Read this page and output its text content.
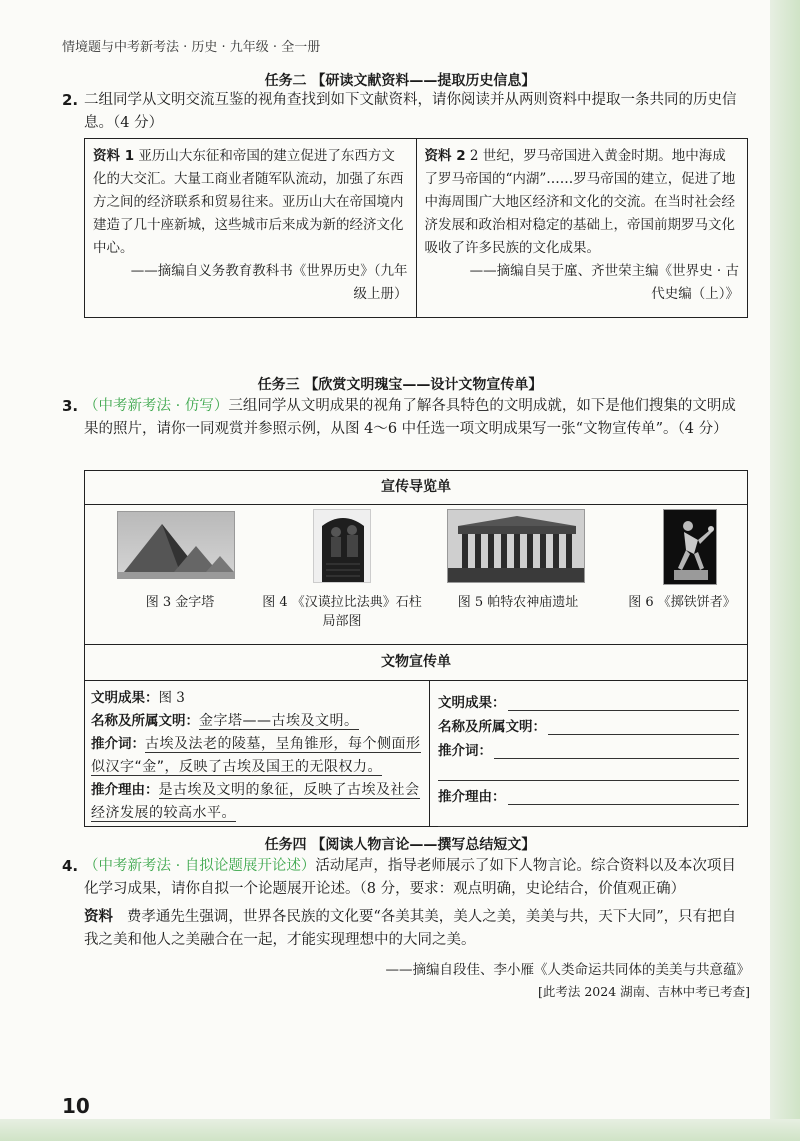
情境题与中考新考法 · 历史 · 九年级 · 全一册
任务二 【研读文献资料——提取历史信息】
2. 二组同学从文明交流互鉴的视角查找到如下文献资料，请你阅读并从两则资料中提取一条共同的历史信息。（4 分）
资料 1 亚历山大东征和帝国的建立促进了东西方文化的大交汇。大量工商业者随军队流动，加强了东西方之间的经济联系和贸易往来。亚历山大在帝国境内建造了几十座新城，这些城市后来成为新的经济文化中心。
——摘编自义务教育教科书《世界历史》（九年级上册）
资料 2 2 世纪，罗马帝国进入黄金时期。地中海成了罗马帝国的“内湖”……罗马帝国的建立，促进了地中海周围广大地区经济和文化的交流。在当时社会经济发展和政治相对稳定的基础上，帝国前期罗马文化吸收了许多民族的文化成果。
——摘编自吴于廑、齐世荣主编《世界史 · 古代史编（上）》
任务三 【欣赏文明瑰宝——设计文物宣传单】
3. （中考新考法 · 仿写）三组同学从文明成果的视角了解各具特色的文明成就，如下是他们搜集的文明成果的照片，请你一同观赏并参照示例，从图 4～6 中任选一项文明成果写一张“文物宣传单”。（4 分）
宣传导览单
图 3 金字塔	图 4 《汉谟拉比法典》石柱局部图
图 5 帕特农神庙遗址	图 6 《掷铁饼者》
文物宣传单
文明成果：图 3
名称及所属文明：金字塔——古埃及文明。
推介词：古埃及法老的陵墓，呈角锥形，每个侧面形似汉字“金”，反映了古埃及国王的无限权力。
推介理由：是古埃及文明的象征，反映了古埃及社会经济发展的较高水平。
文明成果：
名称及所属文明：
推介词：
推介理由：
任务四 【阅读人物言论——撰写总结短文】
4. （中考新考法 · 自拟论题展开论述）活动尾声，指导老师展示了如下人物言论。综合资料以及本次项目化学习成果，请你自拟一个论题展开论述。（8 分，要求：观点明确，史论结合，价值观正确）
资料 费孝通先生强调，世界各民族的文化要“各美其美，美人之美，美美与共，天下大同”，只有把自我之美和他人之美融合在一起，才能实现理想中的大同之美。
——摘编自段佳、李小雁《人类命运共同体的美美与共意蕴》
[此考法 2024 湖南、吉林中考已考查]
10
